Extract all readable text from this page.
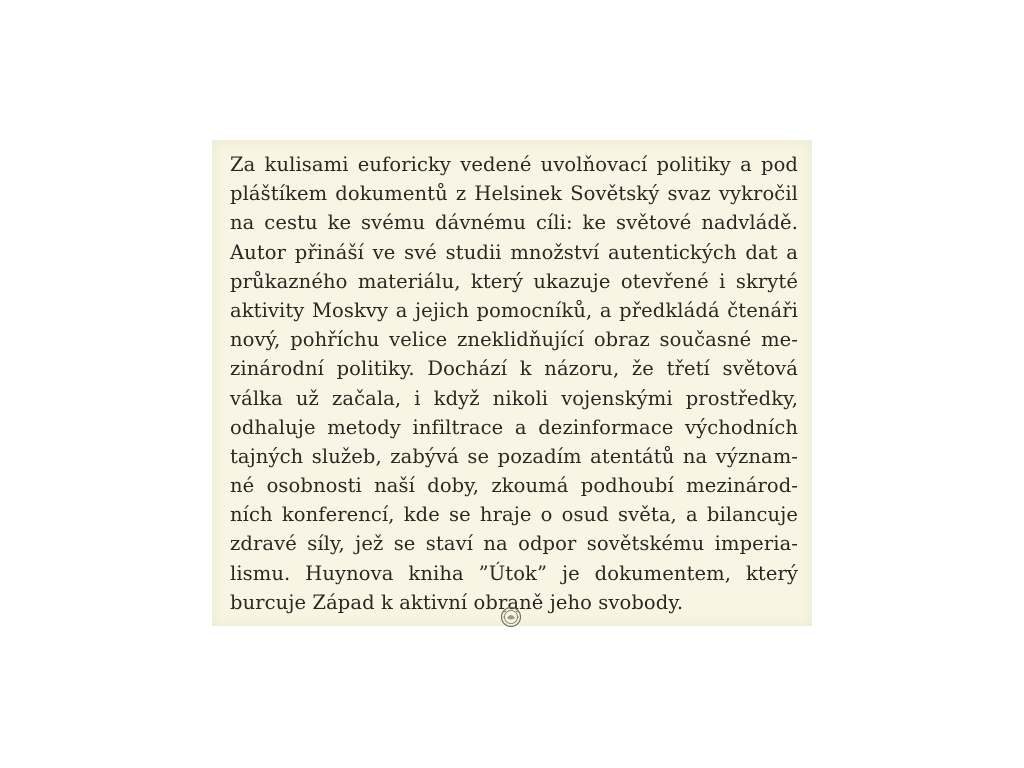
Za kulisami euforicky vedené uvolňovací politiky a pod
pláštíkem dokumentů z Helsinek Sovětský svaz vykročil
na cestu ke svému dávnému cíli: ke světové nadvládě.
Autor přináší ve své studii množství autentických dat a
průkazného materiálu, který ukazuje otevřené i skryté
aktivity Moskvy a jejich pomocníků, a předkládá čtenáři
nový, pohříchu velice zneklidňující obraz současné me-
zinárodní politiky. Dochází k názoru, že třetí světová
válka už začala, i když nikoli vojenskými prostředky,
odhaluje metody infiltrace a dezinformace východních
tajných služeb, zabývá se pozadím atentátů na význam-
né osobnosti naší doby, zkoumá podhoubí mezinárod-
ních konferencí, kde se hraje o osud světa, a bilancuje
zdravé síly, jež se staví na odpor sovětskému imperia-
lismu. Huynova kniha ”Útok” je dokumentem, který
burcuje Západ k aktivní obraně jeho svobody.
